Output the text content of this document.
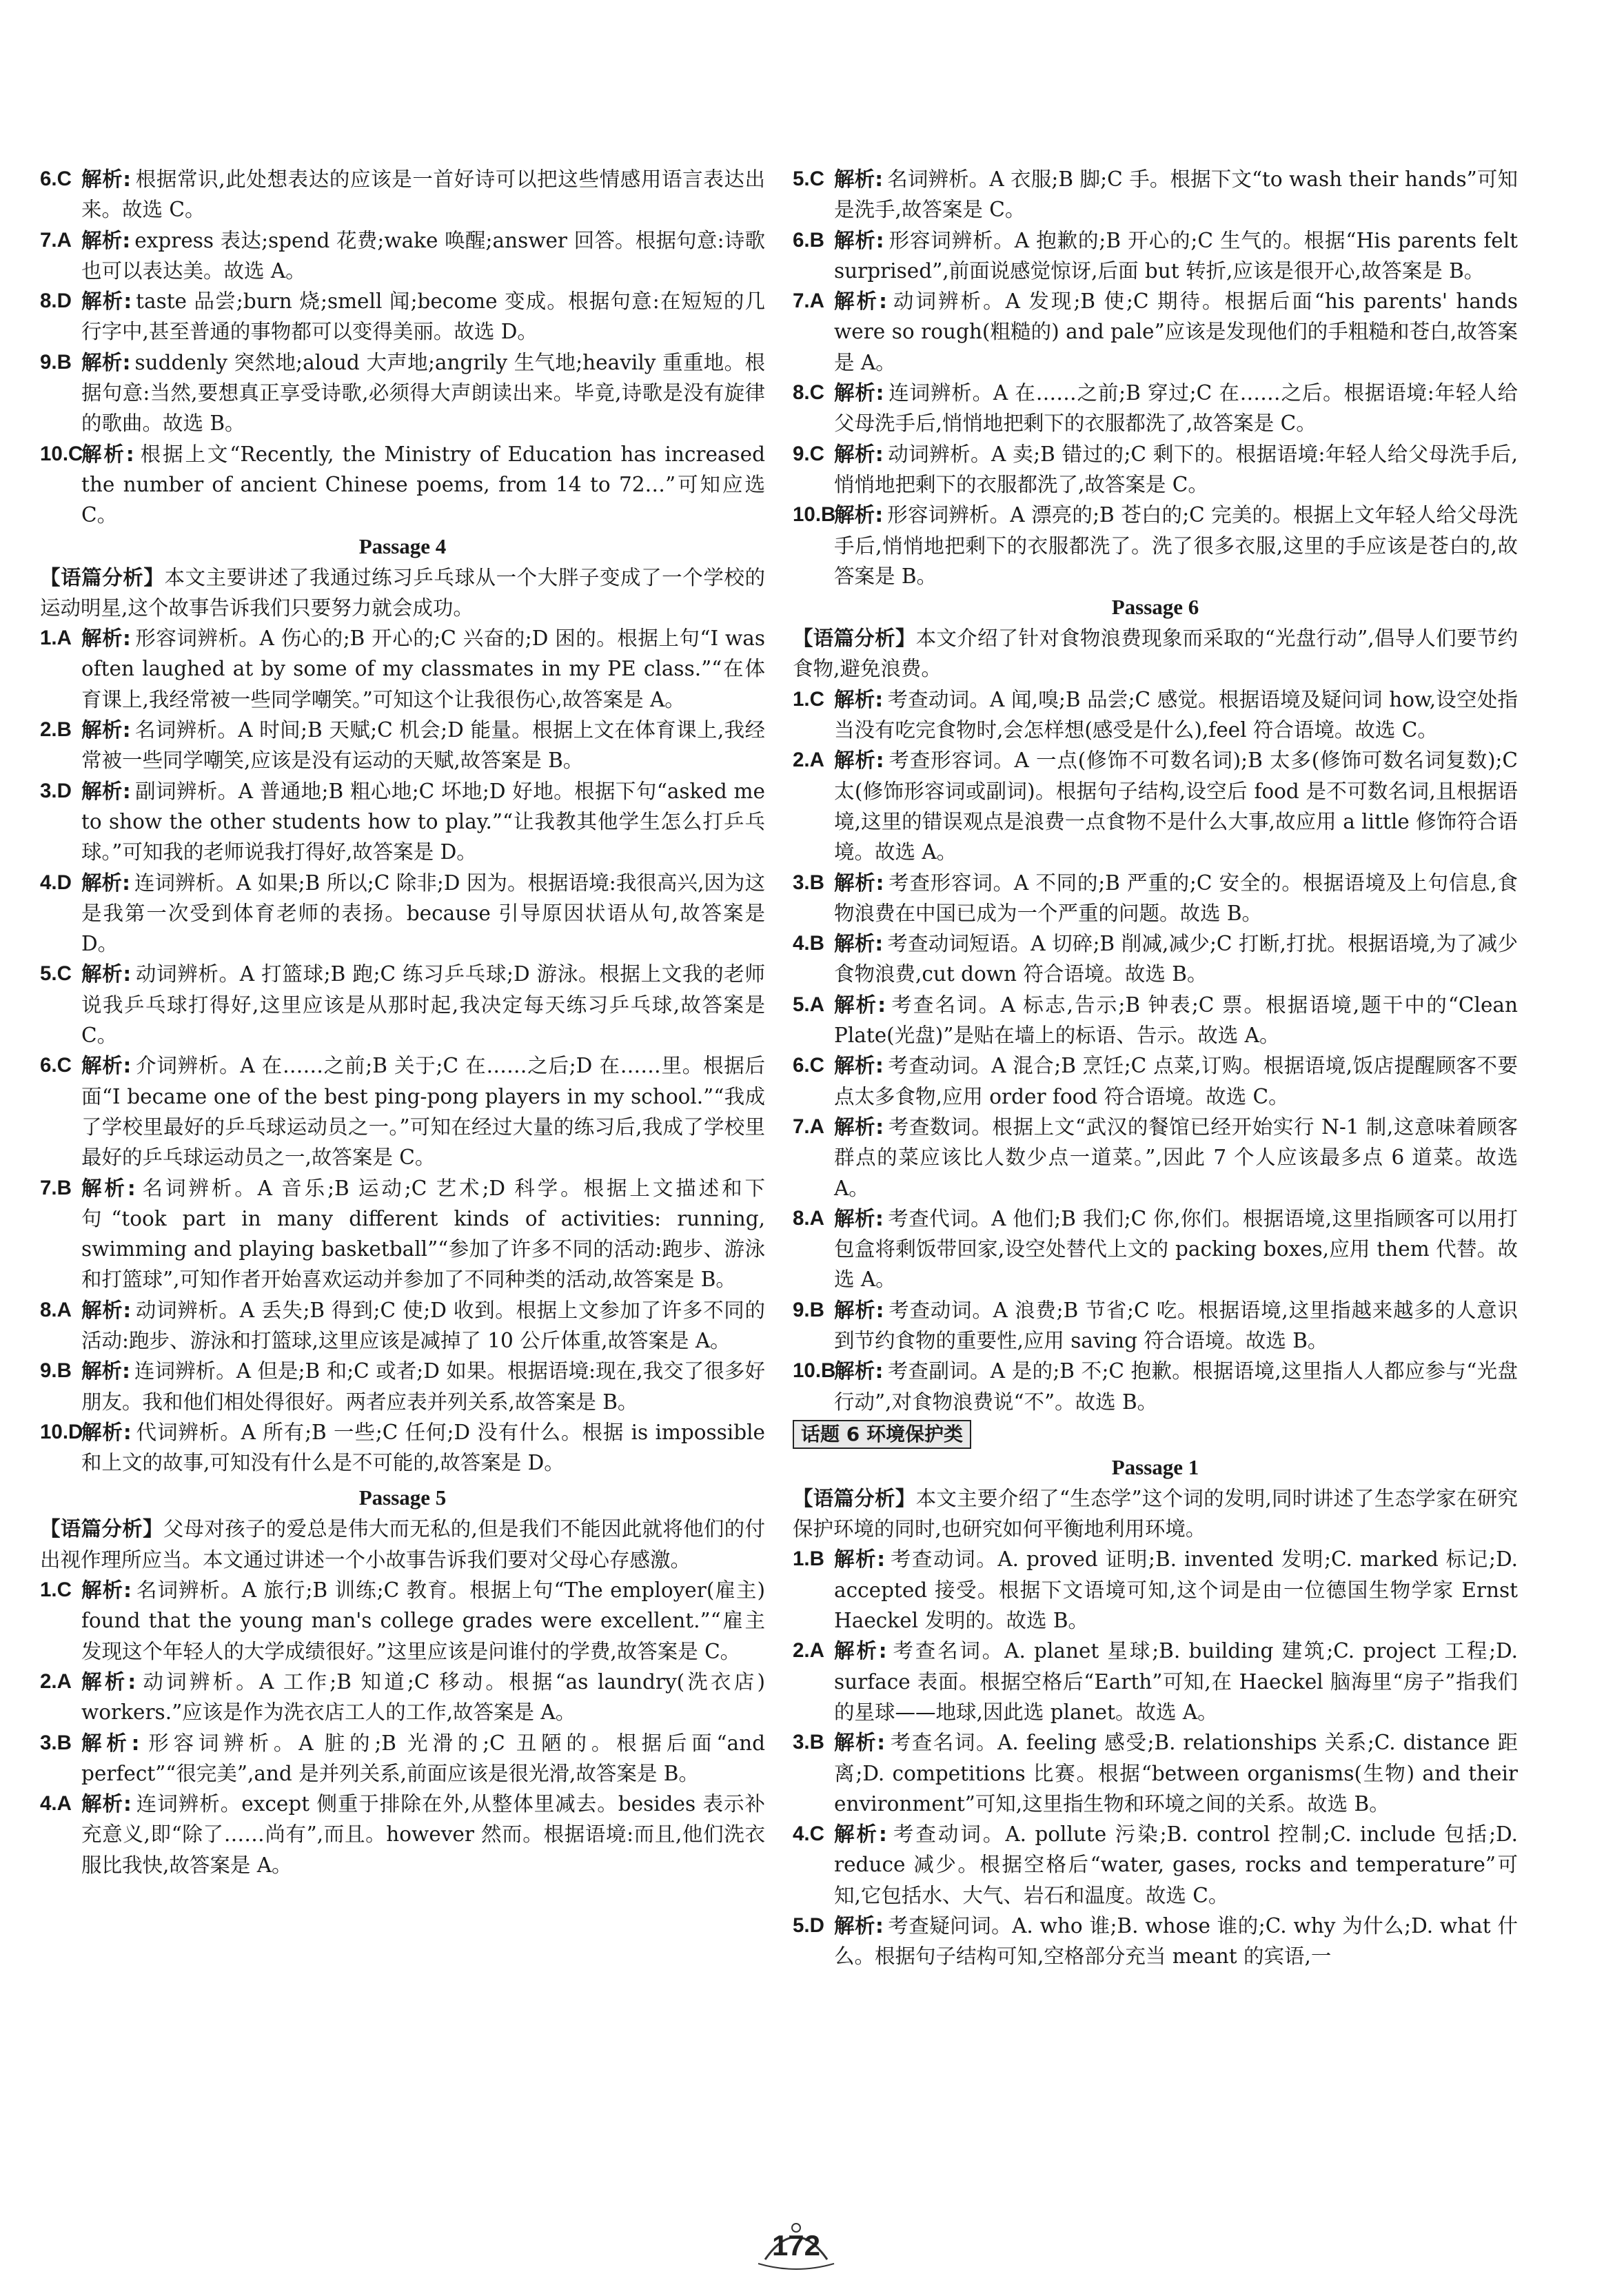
6.C 解析: 根据常识,此处想表达的应该是一首好诗可以把这些情感用语言表达出来。故选 C。
7.A 解析: express 表达;spend 花费;wake 唤醒;answer 回答。根据句意:诗歌也可以表达美。故选 A。
8.D 解析: taste 品尝;burn 烧;smell 闻;become 变成。根据句意:在短短的几行字中,甚至普通的事物都可以变得美丽。故选 D。
9.B 解析: suddenly 突然地;aloud 大声地;angrily 生气地;heavily 重重地。根据句意:当然,要想真正享受诗歌,必须得大声朗读出来。毕竟,诗歌是没有旋律的歌曲。故选 B。
10.C
解析: 根据上文“Recently, the Ministry of Education has increased the number of ancient Chinese poems, from 14 to 72…”可知应选 C。
Passage 4
【语篇分析】本文主要讲述了我通过练习乒乓球从一个大胖子变成了一个学校的运动明星,这个故事告诉我们只要努力就会成功。
1.A 解析: 形容词辨析。A 伤心的;B 开心的;C 兴奋的;D 困的。根据上句“I was often laughed at by some of my classmates in my PE class.”“在体育课上,我经常被一些同学嘲笑。”可知这个让我很伤心,故答案是 A。
2.B 解析: 名词辨析。A 时间;B 天赋;C 机会;D 能量。根据上文在体育课上,我经常被一些同学嘲笑,应该是没有运动的天赋,故答案是 B。
3.D 解析: 副词辨析。A 普通地;B 粗心地;C 坏地;D 好地。根据下句“asked me to show the other students how to play.”“让我教其他学生怎么打乒乓球。”可知我的老师说我打得好,故答案是 D。
4.D 解析: 连词辨析。A 如果;B 所以;C 除非;D 因为。根据语境:我很高兴,因为这是我第一次受到体育老师的表扬。because 引导原因状语从句,故答案是 D。
5.C 解析: 动词辨析。A 打篮球;B 跑;C 练习乒乓球;D 游泳。根据上文我的老师说我乒乓球打得好,这里应该是从那时起,我决定每天练习乒乓球,故答案是 C。
6.C 解析: 介词辨析。A 在……之前;B 关于;C 在……之后;D 在……里。根据后面“I became one of the best ping-pong players in my school.”“我成了学校里最好的乒乓球运动员之一。”可知在经过大量的练习后,我成了学校里最好的乒乓球运动员之一,故答案是 C。
7.B 解析: 名词辨析。A 音乐;B 运动;C 艺术;D 科学。根据上文描述和下句“took part in many different kinds of activities: running, swimming and playing basketball”“参加了许多不同的活动:跑步、游泳和打篮球”,可知作者开始喜欢运动并参加了不同种类的活动,故答案是 B。
8.A 解析: 动词辨析。A 丢失;B 得到;C 使;D 收到。根据上文参加了许多不同的活动:跑步、游泳和打篮球,这里应该是减掉了 10 公斤体重,故答案是 A。
9.B 解析: 连词辨析。A 但是;B 和;C 或者;D 如果。根据语境:现在,我交了很多好朋友。我和他们相处得很好。两者应表并列关系,故答案是 B。
10.D
解析: 代词辨析。A 所有;B 一些;C 任何;D 没有什么。根据 is impossible 和上文的故事,可知没有什么是不可能的,故答案是 D。
Passage 5
【语篇分析】父母对孩子的爱总是伟大而无私的,但是我们不能因此就将他们的付出视作理所应当。本文通过讲述一个小故事告诉我们要对父母心存感激。
1.C 解析: 名词辨析。A 旅行;B 训练;C 教育。根据上句“The employer(雇主) found that the young man's college grades were excellent.”“雇主发现这个年轻人的大学成绩很好。”这里应该是问谁付的学费,故答案是 C。
2.A 解析: 动词辨析。A 工作;B 知道;C 移动。根据“as laundry(洗衣店) workers.”应该是作为洗衣店工人的工作,故答案是 A。
3.B 解析: 形容词辨析。A 脏的;B 光滑的;C 丑陋的。根据后面“and perfect”“很完美”,and 是并列关系,前面应该是很光滑,故答案是 B。
4.A 解析: 连词辨析。except 侧重于排除在外,从整体里减去。besides 表示补充意义,即“除了……尚有”,而且。however 然而。根据语境:而且,他们洗衣服比我快,故答案是 A。
5.C 解析: 名词辨析。A 衣服;B 脚;C 手。根据下文“to wash their hands”可知是洗手,故答案是 C。
6.B 解析: 形容词辨析。A 抱歉的;B 开心的;C 生气的。根据“His parents felt surprised”,前面说感觉惊讶,后面 but 转折,应该是很开心,故答案是 B。
7.A 解析: 动词辨析。A 发现;B 使;C 期待。根据后面“his parents' hands were so rough(粗糙的) and pale”应该是发现他们的手粗糙和苍白,故答案是 A。
8.C 解析: 连词辨析。A 在……之前;B 穿过;C 在……之后。根据语境:年轻人给父母洗手后,悄悄地把剩下的衣服都洗了,故答案是 C。
9.C 解析: 动词辨析。A 卖;B 错过的;C 剩下的。根据语境:年轻人给父母洗手后,悄悄地把剩下的衣服都洗了,故答案是 C。
10.B
解析: 形容词辨析。A 漂亮的;B 苍白的;C 完美的。根据上文年轻人给父母洗手后,悄悄地把剩下的衣服都洗了。洗了很多衣服,这里的手应该是苍白的,故答案是 B。
Passage 6
【语篇分析】本文介绍了针对食物浪费现象而采取的“光盘行动”,倡导人们要节约食物,避免浪费。
1.C 解析: 考查动词。A 闻,嗅;B 品尝;C 感觉。根据语境及疑问词 how,设空处指当没有吃完食物时,会怎样想(感受是什么),feel 符合语境。故选 C。
2.A 解析: 考查形容词。A 一点(修饰不可数名词);B 太多(修饰可数名词复数);C 太(修饰形容词或副词)。根据句子结构,设空后 food 是不可数名词,且根据语境,这里的错误观点是浪费一点食物不是什么大事,故应用 a little 修饰符合语境。故选 A。
3.B 解析: 考查形容词。A 不同的;B 严重的;C 安全的。根据语境及上句信息,食物浪费在中国已成为一个严重的问题。故选 B。
4.B 解析: 考查动词短语。A 切碎;B 削减,减少;C 打断,打扰。根据语境,为了减少食物浪费,cut down 符合语境。故选 B。
5.A 解析: 考查名词。A 标志,告示;B 钟表;C 票。根据语境,题干中的“Clean Plate(光盘)”是贴在墙上的标语、告示。故选 A。
6.C 解析: 考查动词。A 混合;B 烹饪;C 点菜,订购。根据语境,饭店提醒顾客不要点太多食物,应用 order food 符合语境。故选 C。
7.A 解析: 考查数词。根据上文“武汉的餐馆已经开始实行 N-1 制,这意味着顾客群点的菜应该比人数少点一道菜。”,因此 7 个人应该最多点 6 道菜。故选 A。
8.A 解析: 考查代词。A 他们;B 我们;C 你,你们。根据语境,这里指顾客可以用打包盒将剩饭带回家,设空处替代上文的 packing boxes,应用 them 代替。故选 A。
9.B 解析: 考查动词。A 浪费;B 节省;C 吃。根据语境,这里指越来越多的人意识到节约食物的重要性,应用 saving 符合语境。故选 B。
10.B
解析: 考查副词。A 是的;B 不;C 抱歉。根据语境,这里指人人都应参与“光盘行动”,对食物浪费说“不”。故选 B。
话题 6 环境保护类
Passage 1
【语篇分析】本文主要介绍了“生态学”这个词的发明,同时讲述了生态学家在研究保护环境的同时,也研究如何平衡地利用环境。
1.B 解析: 考查动词。A. proved 证明;B. invented 发明;C. marked 标记;D. accepted 接受。根据下文语境可知,这个词是由一位德国生物学家 Ernst Haeckel 发明的。故选 B。
2.A 解析: 考查名词。A. planet 星球;B. building 建筑;C. project 工程;D. surface 表面。根据空格后“Earth”可知,在 Haeckel 脑海里“房子”指我们的星球——地球,因此选 planet。故选 A。
3.B 解析: 考查名词。A. feeling 感受;B. relationships 关系;C. distance 距离;D. competitions 比赛。根据“between organisms(生物) and their environment”可知,这里指生物和环境之间的关系。故选 B。
4.C 解析: 考查动词。A. pollute 污染;B. control 控制;C. include 包括;D. reduce 减少。根据空格后“water, gases, rocks and temperature”可知,它包括水、大气、岩石和温度。故选 C。
5.D 解析: 考查疑问词。A. who 谁;B. whose 谁的;C. why 为什么;D. what 什么。根据句子结构可知,空格部分充当 meant 的宾语,一
172
